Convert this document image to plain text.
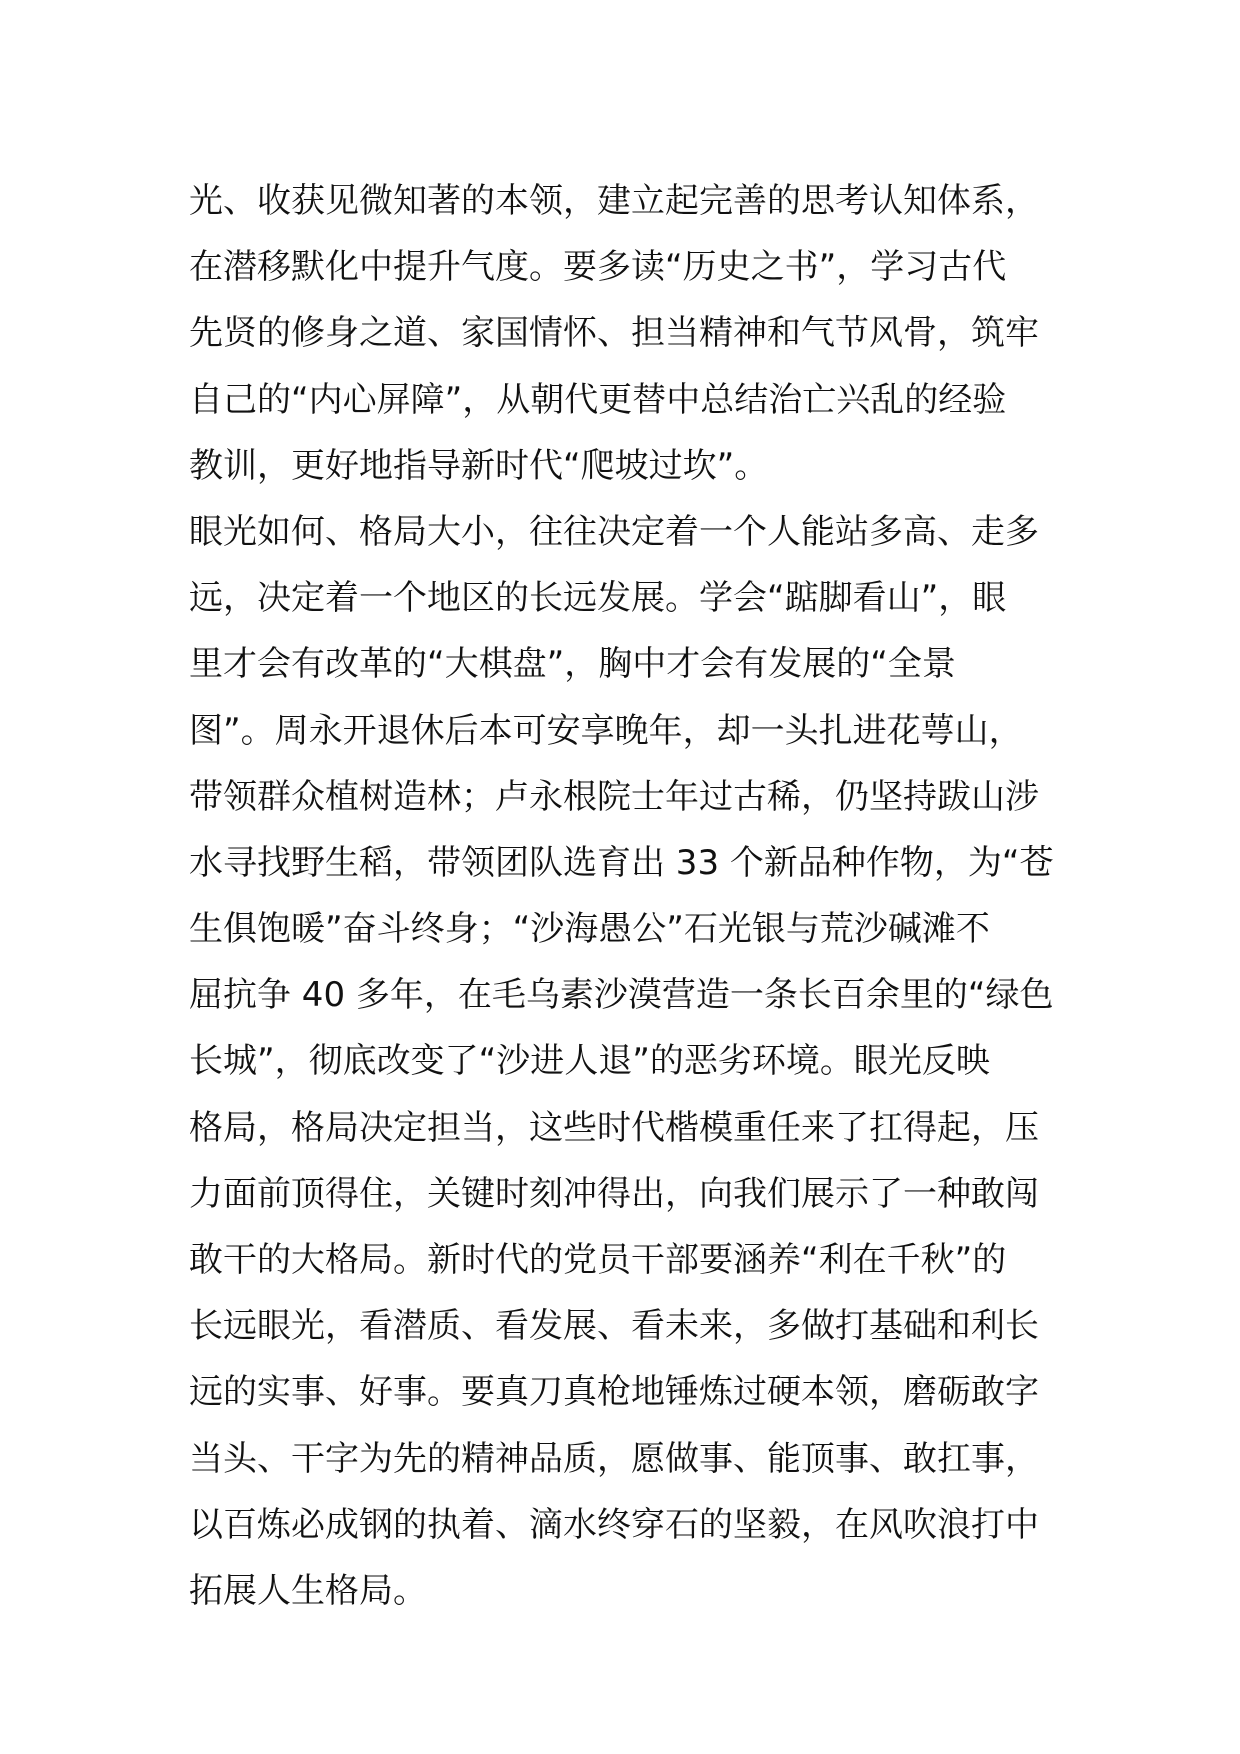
光、收获见微知著的本领，建立起完善的思考认知体系，
在潜移默化中提升气度。要多读“历史之书”，学习古代
先贤的修身之道、家国情怀、担当精神和气节风骨，筑牢
自己的“内心屏障”，从朝代更替中总结治亡兴乱的经验
教训，更好地指导新时代“爬坡过坎”。
眼光如何、格局大小，往往决定着一个人能站多高、走多
远，决定着一个地区的长远发展。学会“踮脚看山”，眼
里才会有改革的“大棋盘”，胸中才会有发展的“全景
图”。周永开退休后本可安享晚年，却一头扎进花萼山，
带领群众植树造林；卢永根院士年过古稀，仍坚持跋山涉
水寻找野生稻，带领团队选育出 33 个新品种作物，为“苍
生俱饱暖”奋斗终身；“沙海愚公”石光银与荒沙碱滩不
屈抗争 40 多年，在毛乌素沙漠营造一条长百余里的“绿色
长城”，彻底改变了“沙进人退”的恶劣环境。眼光反映
格局，格局决定担当，这些时代楷模重任来了扛得起，压
力面前顶得住，关键时刻冲得出，向我们展示了一种敢闯
敢干的大格局。新时代的党员干部要涵养“利在千秋”的
长远眼光，看潜质、看发展、看未来，多做打基础和利长
远的实事、好事。要真刀真枪地锤炼过硬本领，磨砺敢字
当头、干字为先的精神品质，愿做事、能顶事、敢扛事，
以百炼必成钢的执着、滴水终穿石的坚毅，在风吹浪打中
拓展人生格局。
